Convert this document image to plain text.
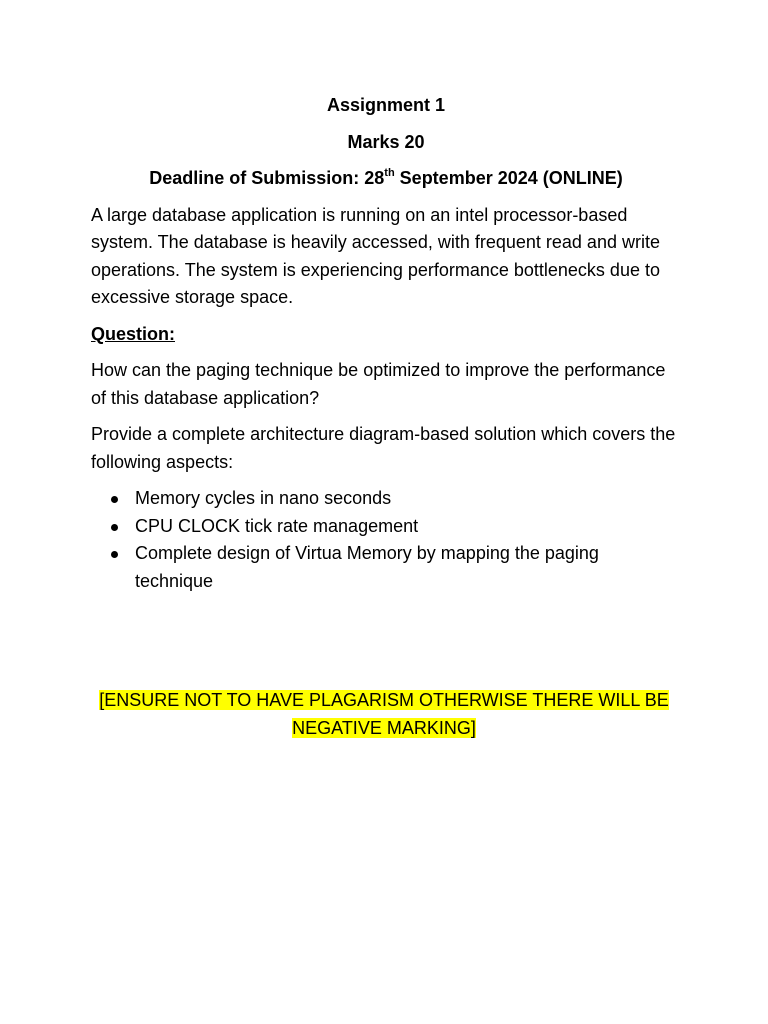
Assignment 1

Marks 20

Deadline of Submission: 28th September 2024 (ONLINE)

A large database application is running on an intel processor-based system. The database is heavily accessed, with frequent read and write operations. The system is experiencing performance bottlenecks due to excessive storage space.

Question:

How can the paging technique be optimized to improve the performance of this database application?

Provide a complete architecture diagram-based solution which covers the following aspects:

Memory cycles in nano seconds
CPU CLOCK tick rate management
Complete design of Virtua Memory by mapping the paging technique
[ENSURE NOT TO HAVE PLAGARISM OTHERWISE THERE WILL BE
NEGATIVE MARKING]
